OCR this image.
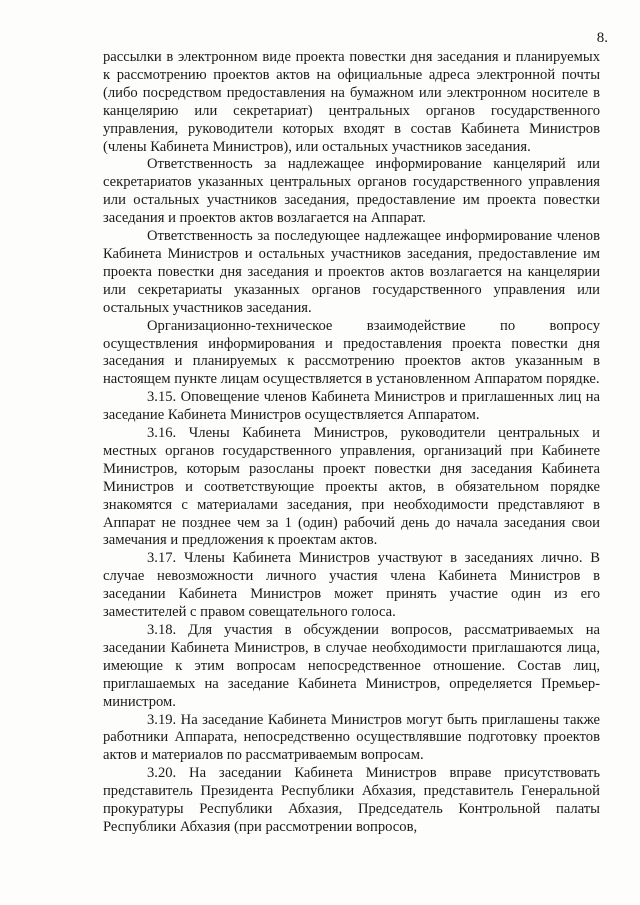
8.

рассылки в электронном виде проекта повестки дня заседания и планируемых к рассмотрению проектов актов на официальные адреса электронной почты (либо посредством предоставления на бумажном или электронном носителе в канцелярию или секретариат) центральных органов государственного управления, руководители которых входят в состав Кабинета Министров (члены Кабинета Министров), или остальных участников заседания.

Ответственность за надлежащее информирование канцелярий или секретариатов указанных центральных органов государственного управления или остальных участников заседания, предоставление им проекта повестки заседания и проектов актов возлагается на Аппарат.

Ответственность за последующее надлежащее информирование членов Кабинета Министров и остальных участников заседания, предоставление им проекта повестки дня заседания и проектов актов возлагается на канцелярии или секретариаты указанных органов государственного управления или остальных участников заседания.

Организационно-техническое взаимодействие по вопросу осуществления информирования и предоставления проекта повестки дня заседания и планируемых к рассмотрению проектов актов указанным в настоящем пункте лицам осуществляется в установленном Аппаратом порядке.

3.15. Оповещение членов Кабинета Министров и приглашенных лиц на заседание Кабинета Министров осуществляется Аппаратом.

3.16. Члены Кабинета Министров, руководители центральных и местных органов государственного управления, организаций при Кабинете Министров, которым разосланы проект повестки дня заседания Кабинета Министров и соответствующие проекты актов, в обязательном порядке знакомятся с материалами заседания, при необходимости представляют в Аппарат не позднее чем за 1 (один) рабочий день до начала заседания свои замечания и предложения к проектам актов.

3.17. Члены Кабинета Министров участвуют в заседаниях лично. В случае невозможности личного участия члена Кабинета Министров в заседании Кабинета Министров может принять участие один из его заместителей с правом совещательного голоса.

3.18. Для участия в обсуждении вопросов, рассматриваемых на заседании Кабинета Министров, в случае необходимости приглашаются лица, имеющие к этим вопросам непосредственное отношение. Состав лиц, приглашаемых на заседание Кабинета Министров, определяется Премьер-министром.

3.19. На заседание Кабинета Министров могут быть приглашены также работники Аппарата, непосредственно осуществлявшие подготовку проектов актов и материалов по рассматриваемым вопросам.

3.20. На заседании Кабинета Министров вправе присутствовать представитель Президента Республики Абхазия, представитель Генеральной прокуратуры Республики Абхазия, Председатель Контрольной палаты Республики Абхазия (при рассмотрении вопросов,
